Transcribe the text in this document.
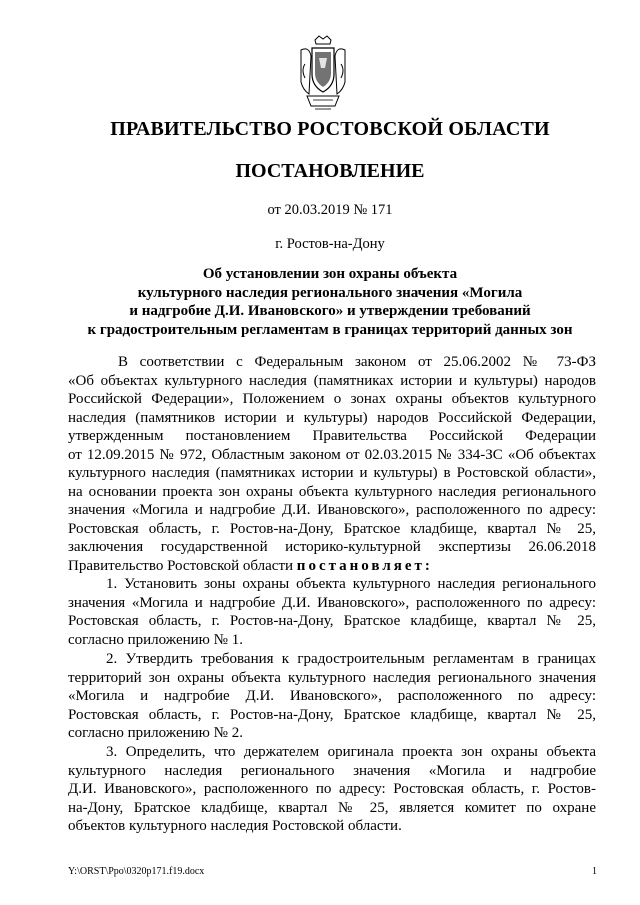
ПРАВИТЕЛЬСТВО РОСТОВСКОЙ ОБЛАСТИ
ПОСТАНОВЛЕНИЕ
от 20.03.2019 № 171
г. Ростов-на-Дону
Об установлении зон охраны объекта
культурного наследия регионального значения «Могила
и надгробие Д.И. Ивановского» и утверждении требований
к градостроительным регламентам в границах территорий данных зон
В соответствии с Федеральным законом от 25.06.2002 № 73-ФЗ
«Об объектах культурного наследия (памятниках истории и культуры) народов
Российской Федерации», Положением о зонах охраны объектов культурного
наследия (памятников истории и культуры) народов Российской Федерации,
утвержденным постановлением Правительства Российской Федерации
от 12.09.2015 № 972, Областным законом от 02.03.2015 № 334-ЗС «Об объектах
культурного наследия (памятниках истории и культуры) в Ростовской области»,
на основании проекта зон охраны объекта культурного наследия регионального
значения «Могила и надгробие Д.И. Ивановского», расположенного по адресу:
Ростовская область, г. Ростов-на-Дону, Братское кладбище, квартал № 25,
заключения государственной историко-культурной экспертизы 26.06.2018
Правительство Ростовской области постановляет:
1. Установить зоны охраны объекта культурного наследия регионального
значения «Могила и надгробие Д.И. Ивановского», расположенного по адресу:
Ростовская область, г. Ростов-на-Дону, Братское кладбище, квартал № 25,
согласно приложению № 1.
2. Утвердить требования к градостроительным регламентам в границах
территорий зон охраны объекта культурного наследия регионального значения
«Могила и надгробие Д.И. Ивановского», расположенного по адресу:
Ростовская область, г. Ростов-на-Дону, Братское кладбище, квартал № 25,
согласно приложению № 2.
3. Определить, что держателем оригинала проекта зон охраны объекта
культурного наследия регионального значения «Могила и надгробие
Д.И. Ивановского», расположенного по адресу: Ростовская область, г. Ростов-
на-Дону, Братское кладбище, квартал № 25, является комитет по охране
объектов культурного наследия Ростовской области.
Y:\ORST\Ppo\0320p171.f19.docx	1
